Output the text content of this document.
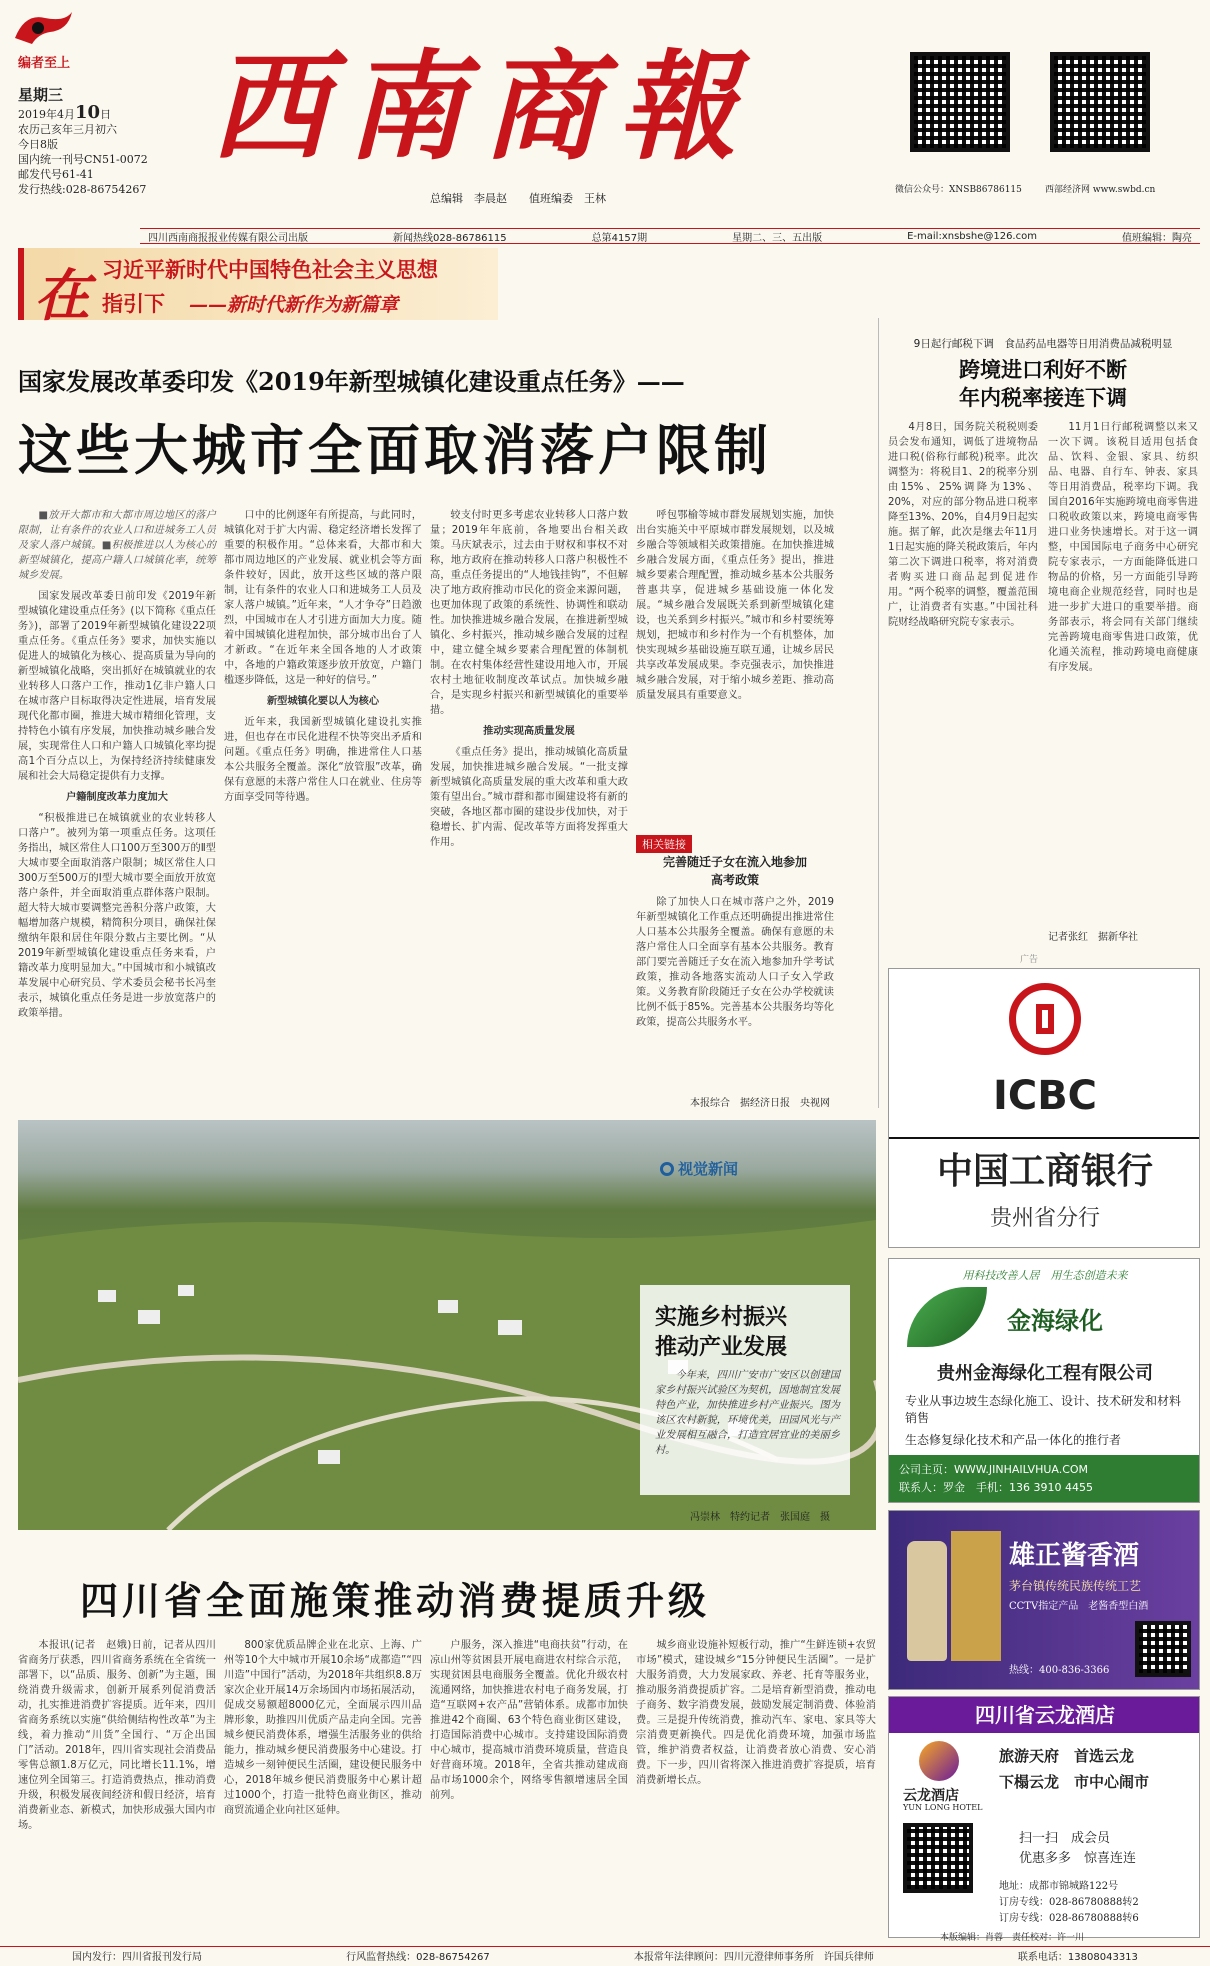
编者至上
星期三
2019年4月10日
农历己亥年三月初六
今日8版
国内统一刊号CN51-0072
邮发代号61-41
发行热线:028-86754267
西南商報
总编辑　李晨赵　　值班编委　王林
微信公众号：XNSB86786115	西部经济网 www.swbd.cn
四川西南商报报业传媒有限公司出版	新闻热线028-86786115	总第4157期	星期二、三、五出版	E-mail:xnsbshe@126.com	值班编辑：陶亮
在 习近平新时代中国特色社会主义思想
指引下 ——新时代新作为新篇章
国家发展改革委印发《2019年新型城镇化建设重点任务》——
这些大城市全面取消落户限制

■放开大都市和大都市周边地区的落户限制，让有条件的农业人口和进城务工人员及家人落户城镇。■积极推进以人为核心的新型城镇化，提高户籍人口城镇化率，统筹城乡发展。

国家发展改革委日前印发《2019年新型城镇化建设重点任务》(以下简称《重点任务》)，部署了2019年新型城镇化建设22项重点任务。《重点任务》要求，加快实施以促进人的城镇化为核心、提高质量为导向的新型城镇化战略，突出抓好在城镇就业的农业转移人口落户工作，推动1亿非户籍人口在城市落户目标取得决定性进展，培育发展现代化都市圈，推进大城市精细化管理，支持特色小镇有序发展，加快推动城乡融合发展，实现常住人口和户籍人口城镇化率均提高1个百分点以上，为保持经济持续健康发展和社会大局稳定提供有力支撑。

户籍制度改革力度加大

“积极推进已在城镇就业的农业转移人口落户”。被列为第一项重点任务。这项任务指出，城区常住人口100万至300万的Ⅱ型大城市要全面取消落户限制；城区常住人口300万至500万的Ⅰ型大城市要全面放开放宽落户条件，并全面取消重点群体落户限制。超大特大城市要调整完善积分落户政策，大幅增加落户规模，精简积分项目，确保社保缴纳年限和居住年限分数占主要比例。“从2019年新型城镇化建设重点任务来看，户籍改革力度明显加大。”中国城市和小城镇改革发展中心研究员、学术委员会秘书长冯奎表示，城镇化重点任务是进一步放宽落户的政策举措。

口中的比例逐年有所提高，与此同时，城镇化对于扩大内需、稳定经济增长发挥了重要的积极作用。“总体来看，大都市和大都市周边地区的产业发展、就业机会等方面条件较好，因此，放开这些区域的落户限制，让有条件的农业人口和进城务工人员及家人落户城镇。”近年来，“人才争夺”日趋激烈，中国城市在人才引进方面加大力度。随着中国城镇化进程加快，部分城市出台了人才新政。“在近年来全国各地的人才政策中，各地的户籍政策逐步放开放宽，户籍门槛逐步降低，这是一种好的信号。”

新型城镇化要以人为核心

近年来，我国新型城镇化建设扎实推进，但也存在市民化进程不快等突出矛盾和问题。《重点任务》明确，推进常住人口基本公共服务全覆盖。深化“放管服”改革，确保有意愿的未落户常住人口在就业、住房等方面享受同等待遇。

较支付时更多考虑农业转移人口落户数量；2019年年底前，各地要出台相关政策。马庆斌表示，过去由于财权和事权不对称，地方政府在推动转移人口落户积极性不高，重点任务提出的“人地钱挂钩”，不但解决了地方政府推动市民化的资金来源问题，也更加体现了政策的系统性、协调性和联动性。加快推进城乡融合发展，在推进新型城镇化、乡村振兴，推动城乡融合发展的过程中，建立健全城乡要素合理配置的体制机制。在农村集体经营性建设用地入市，开展农村土地征收制度改革试点。加快城乡融合，是实现乡村振兴和新型城镇化的重要举措。

推动实现高质量发展

《重点任务》提出，推动城镇化高质量发展，加快推进城乡融合发展。“一批支撑新型城镇化高质量发展的重大改革和重大政策有望出台。”城市群和都市圈建设将有新的突破，各地区都市圈的建设步伐加快，对于稳增长、扩内需、促改革等方面将发挥重大作用。

呼包鄂榆等城市群发展规划实施，加快出台实施关中平原城市群发展规划，以及城乡融合等领域相关政策措施。在加快推进城乡融合发展方面，《重点任务》提出，推进城乡要素合理配置，推动城乡基本公共服务普惠共享，促进城乡基础设施一体化发展。“城乡融合发展既关系到新型城镇化建设，也关系到乡村振兴。”城市和乡村要统筹规划，把城市和乡村作为一个有机整体，加快实现城乡基础设施互联互通，让城乡居民共享改革发展成果。李克强表示，加快推进城乡融合发展，对于缩小城乡差距、推动高质量发展具有重要意义。

相关链接
完善随迁子女在流入地参加高考政策

除了加快人口在城市落户之外，2019年新型城镇化工作重点还明确提出推进常住人口基本公共服务全覆盖。确保有意愿的未落户常住人口全面享有基本公共服务。教育部门要完善随迁子女在流入地参加升学考试政策，推动各地落实流动人口子女入学政策。义务教育阶段随迁子女在公办学校就读比例不低于85%。完善基本公共服务均等化政策，提高公共服务水平。

本报综合　据经济日报　央视网
9日起行邮税下调　食品药品电器等日用消费品减税明显
跨境进口利好不断
年内税率接连下调

4月8日，国务院关税税则委员会发布通知，调低了进境物品进口税(俗称行邮税)税率。此次调整为：将税目1、2的税率分别由15%、25%调降为13%、20%，对应的部分物品进口税率降至13%、20%，自4月9日起实施。据了解，此次是继去年11月1日起实施的降关税政策后，年内第二次下调进口税率，将对消费者购买进口商品起到促进作用。“两个税率的调整，覆盖范围广，让消费者有实惠。”中国社科院财经战略研究院专家表示。

11月1日行邮税调整以来又一次下调。该税目适用包括食品、饮料、金银、家具、纺织品、电器、自行车、钟表、家具等日用消费品，税率均下调。我国自2016年实施跨境电商零售进口税收政策以来，跨境电商零售进口业务快速增长。对于这一调整，中国国际电子商务中心研究院专家表示，一方面能降低进口物品的价格，另一方面能引导跨境电商企业规范经营，同时也是进一步扩大进口的重要举措。商务部表示，将会同有关部门继续完善跨境电商零售进口政策，优化通关流程，推动跨境电商健康有序发展。

记者张红　据新华社
视觉新闻
实施乡村振兴
推动产业发展

今年来，四川广安市广安区以创建国家乡村振兴试验区为契机，因地制宜发展特色产业，加快推进乡村产业振兴。图为该区农村新貌，环境优美，田园风光与产业发展相互融合，打造宜居宜业的美丽乡村。

冯崇林　特约记者　张国庭　摄
四川省全面施策推动消费提质升级

本报讯(记者　赵娥)日前，记者从四川省商务厅获悉，四川省商务系统在全省统一部署下，以“品质、服务、创新”为主题，围绕消费升级需求，创新开展系列促消费活动，扎实推进消费扩容提质。近年来，四川省商务系统以实施“供给侧结构性改革”为主线，着力推动“川货”全国行、“万企出国门”活动。2018年，四川省实现社会消费品零售总额1.8万亿元，同比增长11.1%，增速位列全国第三。打造消费热点，推动消费升级，积极发展夜间经济和假日经济，培育消费新业态、新模式，加快形成强大国内市场。

800家优质品牌企业在北京、上海、广州等10个大中城市开展10余场“成都造”“四川造”中国行”活动，为2018年共组织8.8万家次企业开展14万余场国内市场拓展活动，促成交易额超8000亿元，全面展示四川品牌形象，助推四川优质产品走向全国。完善城乡便民消费体系，增强生活服务业的供给能力，推动城乡便民消费服务中心建设。打造城乡一刻钟便民生活圈，建设便民服务中心，2018年城乡便民消费服务中心累计超过1000个，打造一批特色商业街区，推动商贸流通企业向社区延伸。

户服务，深入推进“电商扶贫”行动，在凉山州等贫困县开展电商进农村综合示范，实现贫困县电商服务全覆盖。优化升级农村流通网络，加快推进农村电子商务发展，打造“互联网+农产品”营销体系。成都市加快推进42个商圈、63个特色商业街区建设，打造国际消费中心城市。支持建设国际消费中心城市，提高城市消费环境质量，营造良好营商环境。2018年，全省共推动建成商品市场1000余个，网络零售额增速居全国前列。

城乡商业设施补短板行动，推广“生鲜连锁+农贸市场”模式，建设城乡“15分钟便民生活圈”。一是扩大服务消费，大力发展家政、养老、托育等服务业，推动服务消费提质扩容。二是培育新型消费，推动电子商务、数字消费发展，鼓励发展定制消费、体验消费。三是提升传统消费，推动汽车、家电、家具等大宗消费更新换代。四是优化消费环境，加强市场监管，维护消费者权益，让消费者放心消费、安心消费。下一步，四川省将深入推进消费扩容提质，培育消费新增长点。

广告
ICBC
中国工商银行
贵州省分行
用科技改善人居　用生态创造未来
金海绿化
贵州金海绿化工程有限公司
专业从事边坡生态绿化施工、设计、技术研发和材料销售
生态修复绿化技术和产品一体化的推行者
公司主页：WWW.JINHAILVHUA.COM
联系人：罗金　手机：136 3910 4455
雄正酱香酒
茅台镇传统民族传统工艺
CCTV指定产品　老酱香型白酒
热线：400-836-3366
四川省云龙酒店
云龙酒店
YUN LONG HOTEL
旅游天府　首选云龙
下榻云龙　市中心闹市
扫一扫　成会员
优惠多多　惊喜连连
地址：成都市锦城路122号
订房专线：028-86780888转2
订房专线：028-86780888转6
本版编辑：肖蓉　责任校对：许一川
国内发行：四川省报刊发行局	行风监督热线：028-86754267	本报常年法律顾问：四川元澄律师事务所　许国兵律师	联系电话：13808043313
